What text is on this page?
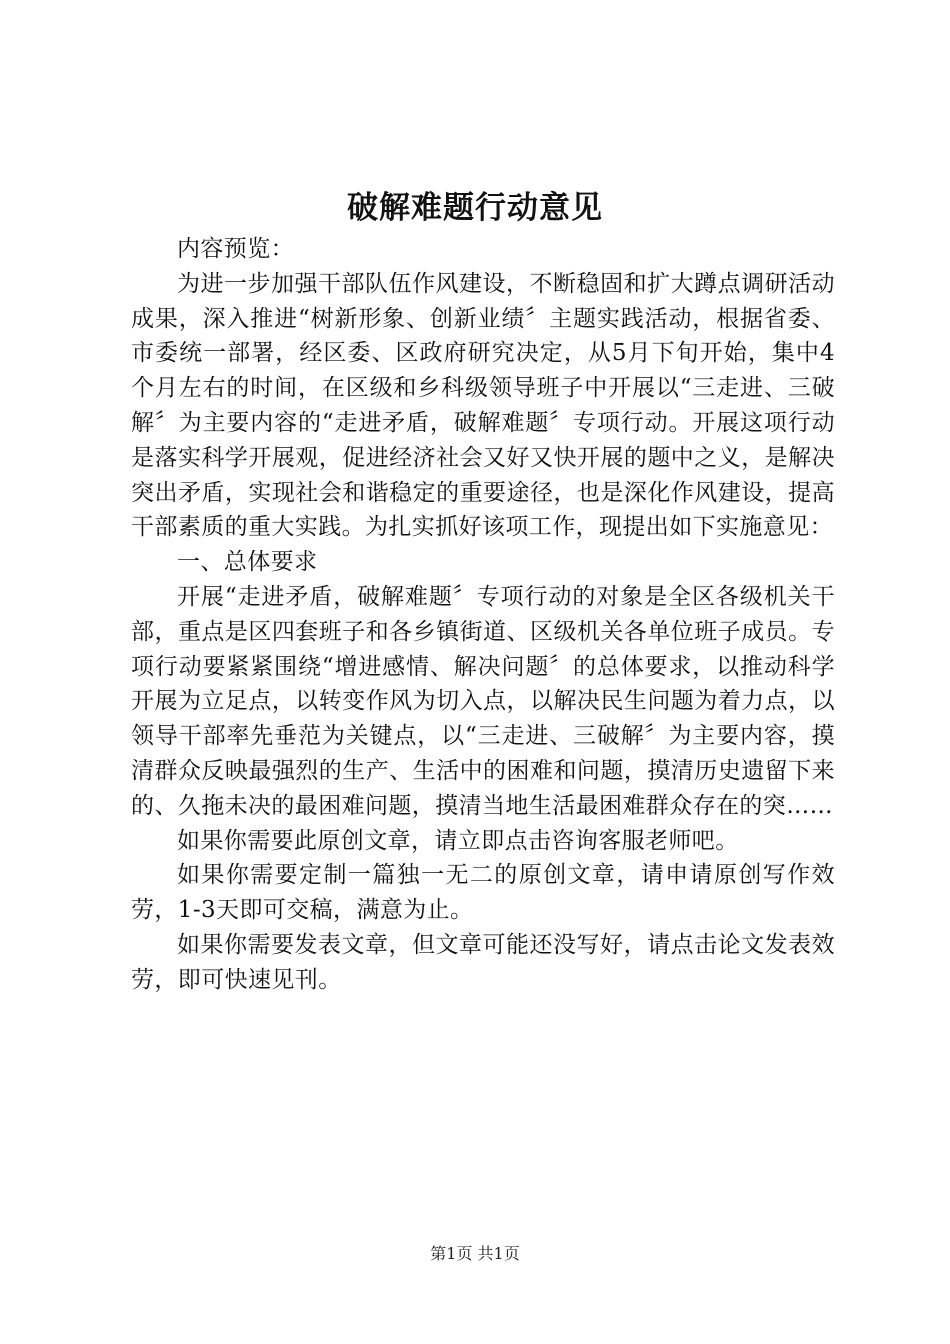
破解难题行动意见

内容预览：

为进一步加强干部队伍作风建设，不断稳固和扩大蹲点调研活动成果，深入推进“树新形象、创新业绩〞主题实践活动，根据省委、市委统一部署，经区委、区政府研究决定，从5月下旬开始，集中4个月左右的时间，在区级和乡科级领导班子中开展以“三走进、三破解〞为主要内容的“走进矛盾，破解难题〞专项行动。开展这项行动是落实科学开展观，促进经济社会又好又快开展的题中之义，是解决突出矛盾，实现社会和谐稳定的重要途径，也是深化作风建设，提高干部素质的重大实践。为扎实抓好该项工作，现提出如下实施意见：

一、总体要求

开展“走进矛盾，破解难题〞专项行动的对象是全区各级机关干部，重点是区四套班子和各乡镇街道、区级机关各单位班子成员。专项行动要紧紧围绕“增进感情、解决问题〞的总体要求，以推动科学开展为立足点，以转变作风为切入点，以解决民生问题为着力点，以领导干部率先垂范为关键点，以“三走进、三破解〞为主要内容，摸清群众反映最强烈的生产、生活中的困难和问题，摸清历史遗留下来的、久拖未决的最困难问题，摸清当地生活最困难群众存在的突……

如果你需要此原创文章，请立即点击咨询客服老师吧。

如果你需要定制一篇独一无二的原创文章，请申请原创写作效劳，1-3天即可交稿，满意为止。

如果你需要发表文章，但文章可能还没写好，请点击论文发表效劳，即可快速见刊。

第1页 共1页
